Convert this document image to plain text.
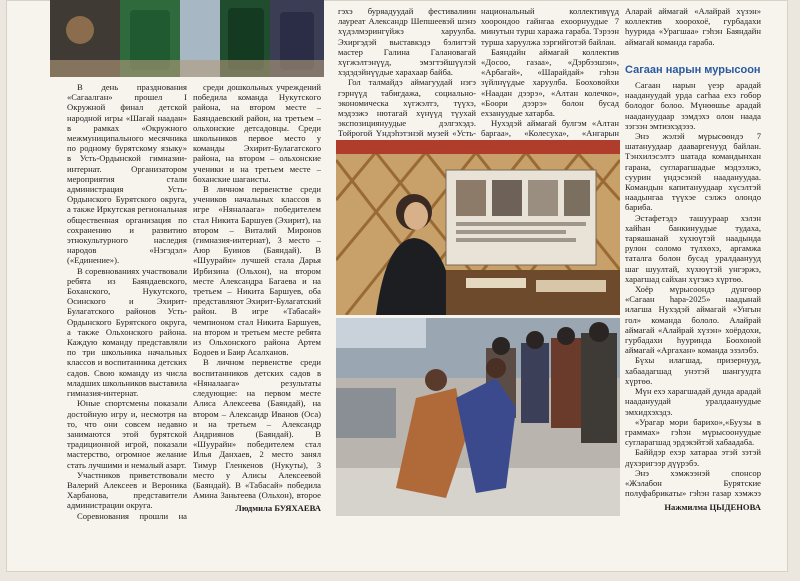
В день празднования «Сагаалган» прошел I Окружной финал детской народной игры «Шагай наадан» в рамках «Окружного межмуниципального месячника по родному бурятскому языку» в Усть-Ордынской гимназии-интернат. Организатором мероприятия стали администрация Усть-Ордынского Бурятского округа, а также Иркутская региональная общественная организация по сохранению и развитию этнокультурного наследия народов «Нэгэдэл» («Единение»).

В соревнованиях участвовали ребята из Баяндаевского, Боханского, Нукутского, Осинского и Эхирит-Булагатского районов Усть-Ордынского Бурятского округа, а также Ольхонского района. Каждую команду представляли по три школьника начальных классов и воспитанника детских садов. Свою команду из числа младших школьников выставила гимназия-интернат.

Юные спортсмены показали достойную игру и, несмотря на то, что они совсем недавно занимаются этой бурятской традиционной игрой, показали мастерство, огромное желание стать лучшими и немалый азарт.

Участников приветствовали Валерий Алексеев и Вероника Харбанова, представители администрации округа.

Соревнования прошли на

среди дошкольных учреждений победила команда Нукутского района, на втором месте – Баяндаевский район, на третьем – ольхонские детсадовцы. Среди школьников первое место у команды Эхирит-Булагатского района, на втором – ольхонские ученики и на третьем месте – боханские шагаисты.

В личном первенстве среди учеников начальных классов в игре «Няналаага» победителем стал Никита Баршуев (Эхирит), на втором – Виталий Миронов (гимназия-интернат), 3 место – Аюр Буинов (Баяндай). В «Шуурайн» лучшей стала Дарья Ирбизина (Ольхон), на втором месте Александра Багаева и на третьем – Никита Баршуев, оба представляют Эхирит-Булагатский район. В игре «Табасай» чемпионом стал Никита Баршуев, на втором и третьем месте ребята из Ольхонского района Артем Бодоев и Баир Асалханов.

В личном первенстве среди воспитанников детских садов в «Няналаага» результаты следующие: на первом месте Алиса Алексеева (Баяндай), на втором – Александр Иванов (Оса) и на третьем – Александр Андриянов (Баяндай). В «Шуурайн» победителем стал Илья Данхаев, 2 место занял Тимур Гленкенов (Нукуты), 3 место у Алисы Алексеевой (Баяндай). В «Табасай» победила Амина Заньтеева (Ольхон), второе

Людмила БУЯХАЕВА

гэхэ буряадуудай фестивалиин лауреат Александр Шепшеевэй шэнэ хүдэлмэрингүйжэ харуулба. Эхиргэдэй выставкэдэ бэлигтэй мастер Галина Галановагай хүгжэлтэнүүд, эмэгтэйшүүлэй хэдэдэйнүүдые харахаар байба.

Гол талмайдэ аймагуудай нэгэ гэрнүүд табигдажа, социально-экономическа хүгжэлтэ, түүхэ, мэдээжэ нютагай хүнүүд түухай экспозициянуудые дэлгэхэдэ. Тойрогой Үндэhэтэнэй музей «Усть-

национальный коллективүүд хоорондоо гайнгаа ехоорнуудые 7 минутын турш хаража гараба. Тэрээн турша харуулжа зэргийготэй байлан.

Баяндайн аймагай коллектив «Досоо, газаа», «Дэрбээшэн», «Арбагай», «Шарайдай» гэһэн зүйлнүүдые харуулба. Бооховойхи «Наадан дээрэ», «Алтан колечко», «Боори дээрэ» болон бусад ехзануудые хатарба.

Нухэдэй аймагай булгэм «Алтан баргаа», «Колесуха», «Ангарын

Аларай аймагай «Алайрай хүзэн» коллектив хоорохоё, гурбадахи һуурида «Урагшаа» гэһэн Баяндайн аймагай команда гараба.

Сагаан нарын мурысоон

Сагаан нарын үеэр арадай наадануудай урда сагһаа ехэ гобор болодог болоо. Мүнөөшье арадай наадануудаар зэмдэхэ олон наада зэгзэн эмтиэхэдэээ.

Энэ жэлэй мүрысөөндэ 7 шатануудаар дааваргенууд байлан. Тэнхилэсэлтэ шатада командынхан гарана, сугларагшадые мэдээлжэ, суурин үндэсэнэй наадануудаа. Командын капитануудаар хүсэлтэй наадынгаа түүхэе сэлжэ олондо бариба.

Эстафетэдэ ташуураар хэлэн хайһан банкинуудые тудаха, таряашанай хүхюүтэй наадында рулон соломо түлхөхэ, аргамжа таталга болон бусад уралдаанууд шаг шуултай, хүхюүтэй унгэржэ, харагшад сайхан хүгэжэ хүртөө.

Хоёр мүрысоондэ дүнгөөр «Сагаан hара-2025» наадынай илагша Нухэдэй аймагай «Унгын гол» команда бололо. Алайрай аймагай «Алайрай хүзэн» хоёрдохи, гурбадахи һууринда Боохоной аймагай «Аргахан» команда эзэлэбэ.

Бүхы илагшад, призернууд, хабаадагшад унэтэй шангуудта хүртөө.

Мүн ехэ харагшадай дунда арадай наадануудай уралдаануудые эмхидхэхэдэ.

«Урагар мори барихо»,«Буузы в граммах» гэһэн мүрысоонуудые сугларагшад эрдэкэйтэй хабаадаба.

Баййдэр ехэр хатараа этэй зэтэй дүхэригээр дүүрэбэ.

Энэ хэмжээнэй спонсор «Жэлабон Бурятские полуфабрикаты» гэһэн газар хэмжээ

Нажмилма ЦЫДЕНОВА
